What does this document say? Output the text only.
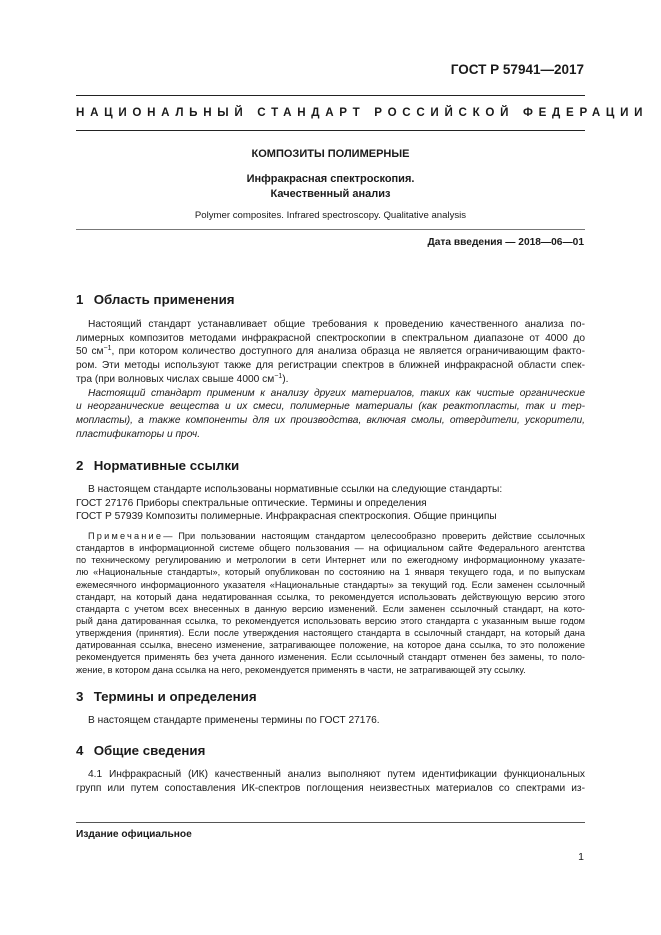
ГОСТ Р 57941—2017
НАЦИОНАЛЬНЫЙ СТАНДАРТ РОССИЙСКОЙ ФЕДЕРАЦИИ
КОМПОЗИТЫ ПОЛИМЕРНЫЕ
Инфракрасная спектроскопия.
Качественный анализ
Polymer composites. Infrared spectroscopy. Qualitative analysis
Дата введения — 2018—06—01
1 Область применения
Настоящий стандарт устанавливает общие требования к проведению качественного анализа по-
лимерных композитов методами инфракрасной спектроскопии в спектральном диапазоне от 4000 до
50 $см^{-1}$, при котором количество доступного для анализа образца не является ограничивающим факто-
ром. Эти методы используют также для регистрации спектров в ближней инфракрасной области спек-
тра (при волновых числах свыше 4000 $см^{-1}$).
Настоящий стандарт применим к анализу других материалов, таких как чистые органические
и неорганические вещества и их смеси, полимерные материалы (как реактопласты, так и тер-
мопласты), а также компоненты для их производства, включая смолы, отвердители, ускорители,
пластификаторы и проч.
2 Нормативные ссылки
В настоящем стандарте использованы нормативные ссылки на следующие стандарты:
ГОСТ 27176 Приборы спектральные оптические. Термины и определения
ГОСТ Р 57939 Композиты полимерные. Инфракрасная спектроскопия. Общие принципы
Примечание— При пользовании настоящим стандартом целесообразно проверить действие ссылочных
стандартов в информационной системе общего пользования — на официальном сайте Федерального агентства
по техническому регулированию и метрологии в сети Интернет или по ежегодному информационному указате-
лю «Национальные стандарты», который опубликован по состоянию на 1 января текущего года, и по выпускам
ежемесячного информационного указателя «Национальные стандарты» за текущий год. Если заменен ссылочный
стандарт, на который дана недатированная ссылка, то рекомендуется использовать действующую версию этого
стандарта с учетом всех внесенных в данную версию изменений. Если заменен ссылочный стандарт, на кото-
рый дана датированная ссылка, то рекомендуется использовать версию этого стандарта с указанным выше годом
утверждения (принятия). Если после утверждения настоящего стандарта в ссылочный стандарт, на который дана
датированная ссылка, внесено изменение, затрагивающее положение, на которое дана ссылка, то это положение
рекомендуется применять без учета данного изменения. Если ссылочный стандарт отменен без замены, то поло-
жение, в котором дана ссылка на него, рекомендуется применять в части, не затрагивающей эту ссылку.
3 Термины и определения
В настоящем стандарте применены термины по ГОСТ 27176.
4 Общие сведения
4.1 Инфракрасный (ИК) качественный анализ выполняют путем идентификации функциональных
групп или путем сопоставления ИК-спектров поглощения неизвестных материалов со спектрами из-
Издание официальное
1
